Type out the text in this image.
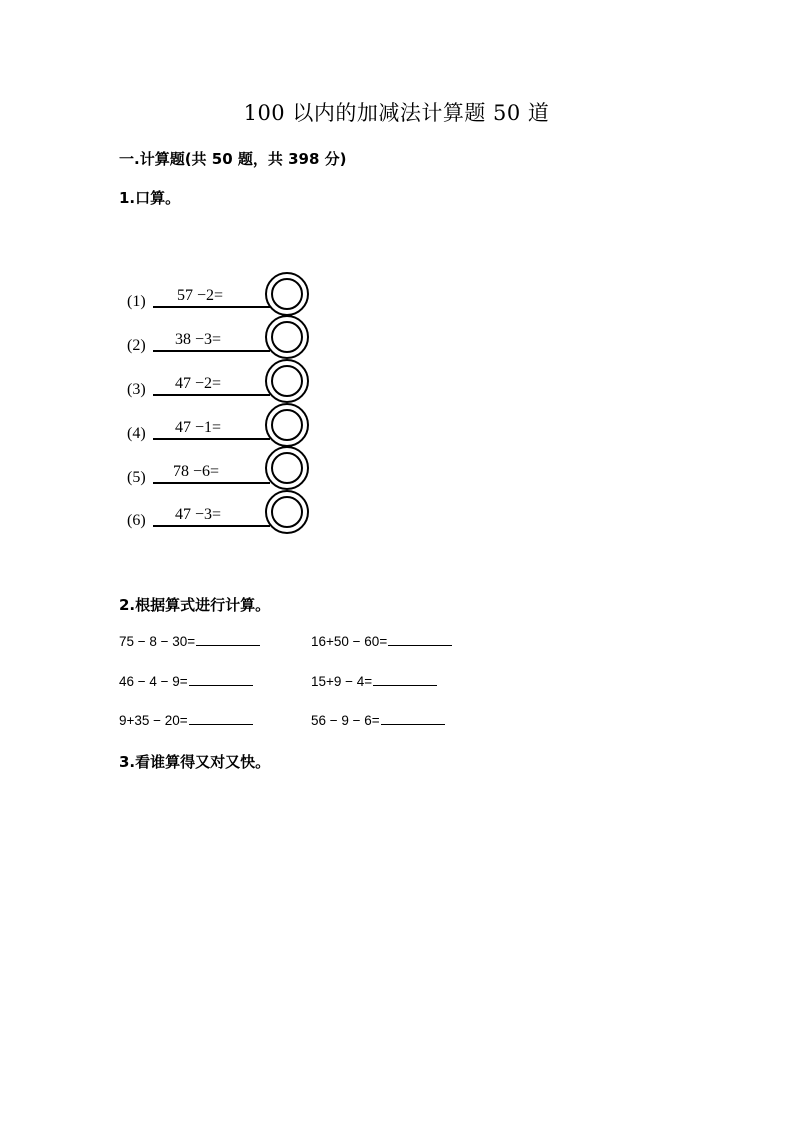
100 以内的加减法计算题 50 道
一.计算题(共 50 题，共 398 分)
1.口算。
(1) 57 −2=
(2) 38 −3=
(3) 47 −2=
(4) 47 −1=
(5) 78 −6=
(6) 47 −3=
2.根据算式进行计算。
75 − 8 − 30=	16+50 − 60=
46 − 4 − 9=	15+9 − 4=
9+35 − 20=	56 − 9 − 6=
3.看谁算得又对又快。
